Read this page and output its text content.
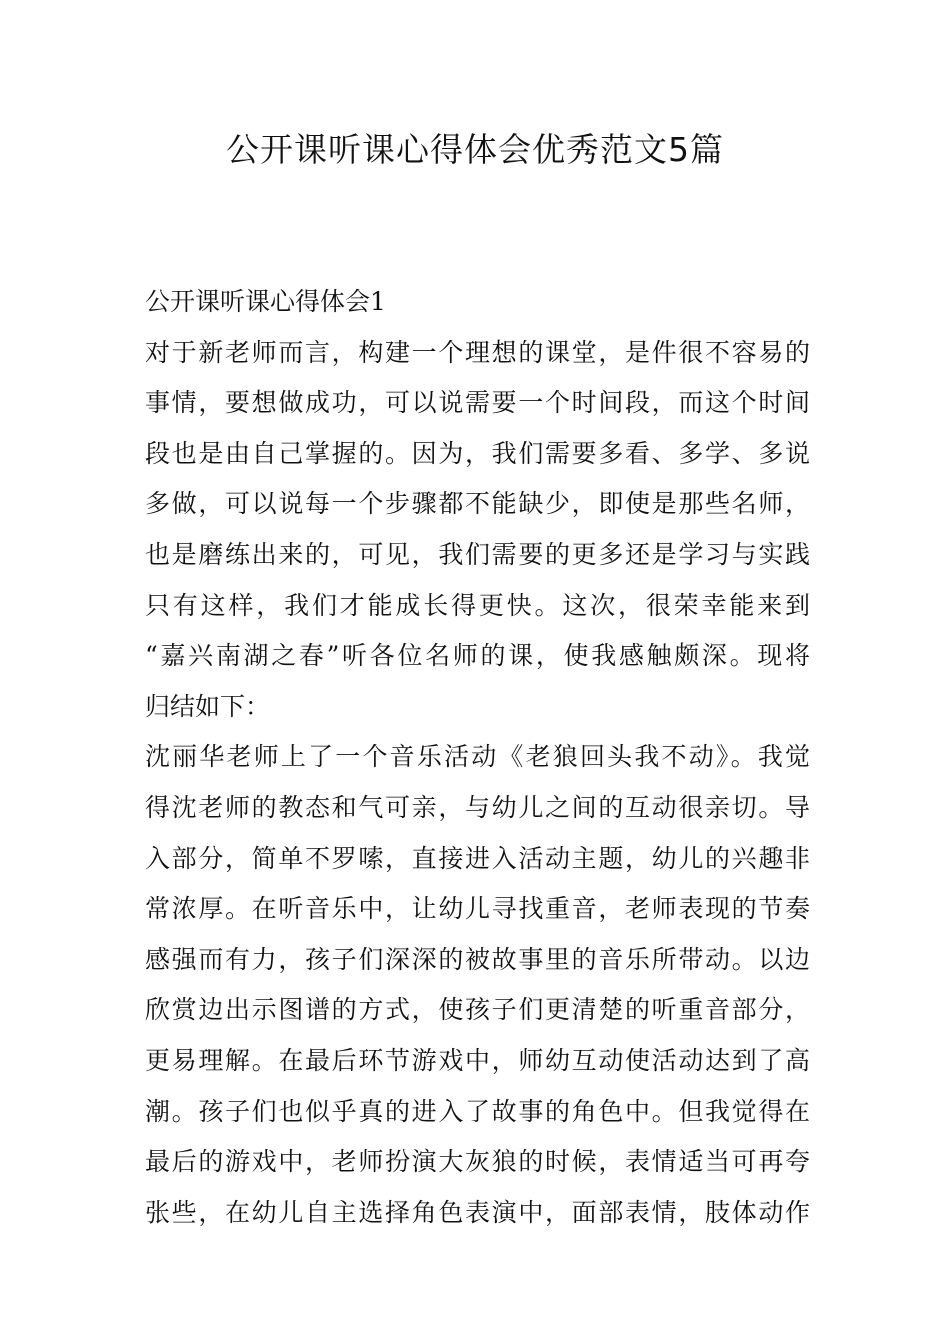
公开课听课心得体会优秀范文5篇
公开课听课心得体会1
对于新老师而言，构建一个理想的课堂，是件很不容易的
事情，要想做成功，可以说需要一个时间段，而这个时间
段也是由自己掌握的。因为，我们需要多看、多学、多说
多做，可以说每一个步骤都不能缺少，即使是那些名师，
也是磨练出来的，可见，我们需要的更多还是学习与实践
只有这样，我们才能成长得更快。这次，很荣幸能来到
“嘉兴南湖之春”听各位名师的课，使我感触颇深。现将
归结如下：
沈丽华老师上了一个音乐活动《老狼回头我不动》。我觉
得沈老师的教态和气可亲，与幼儿之间的互动很亲切。导
入部分，简单不罗嗦，直接进入活动主题，幼儿的兴趣非
常浓厚。在听音乐中，让幼儿寻找重音，老师表现的节奏
感强而有力，孩子们深深的被故事里的音乐所带动。以边
欣赏边出示图谱的方式，使孩子们更清楚的听重音部分，
更易理解。在最后环节游戏中，师幼互动使活动达到了高
潮。孩子们也似乎真的进入了故事的角色中。但我觉得在
最后的游戏中，老师扮演大灰狼的时候，表情适当可再夸
张些，在幼儿自主选择角色表演中，面部表情，肢体动作
